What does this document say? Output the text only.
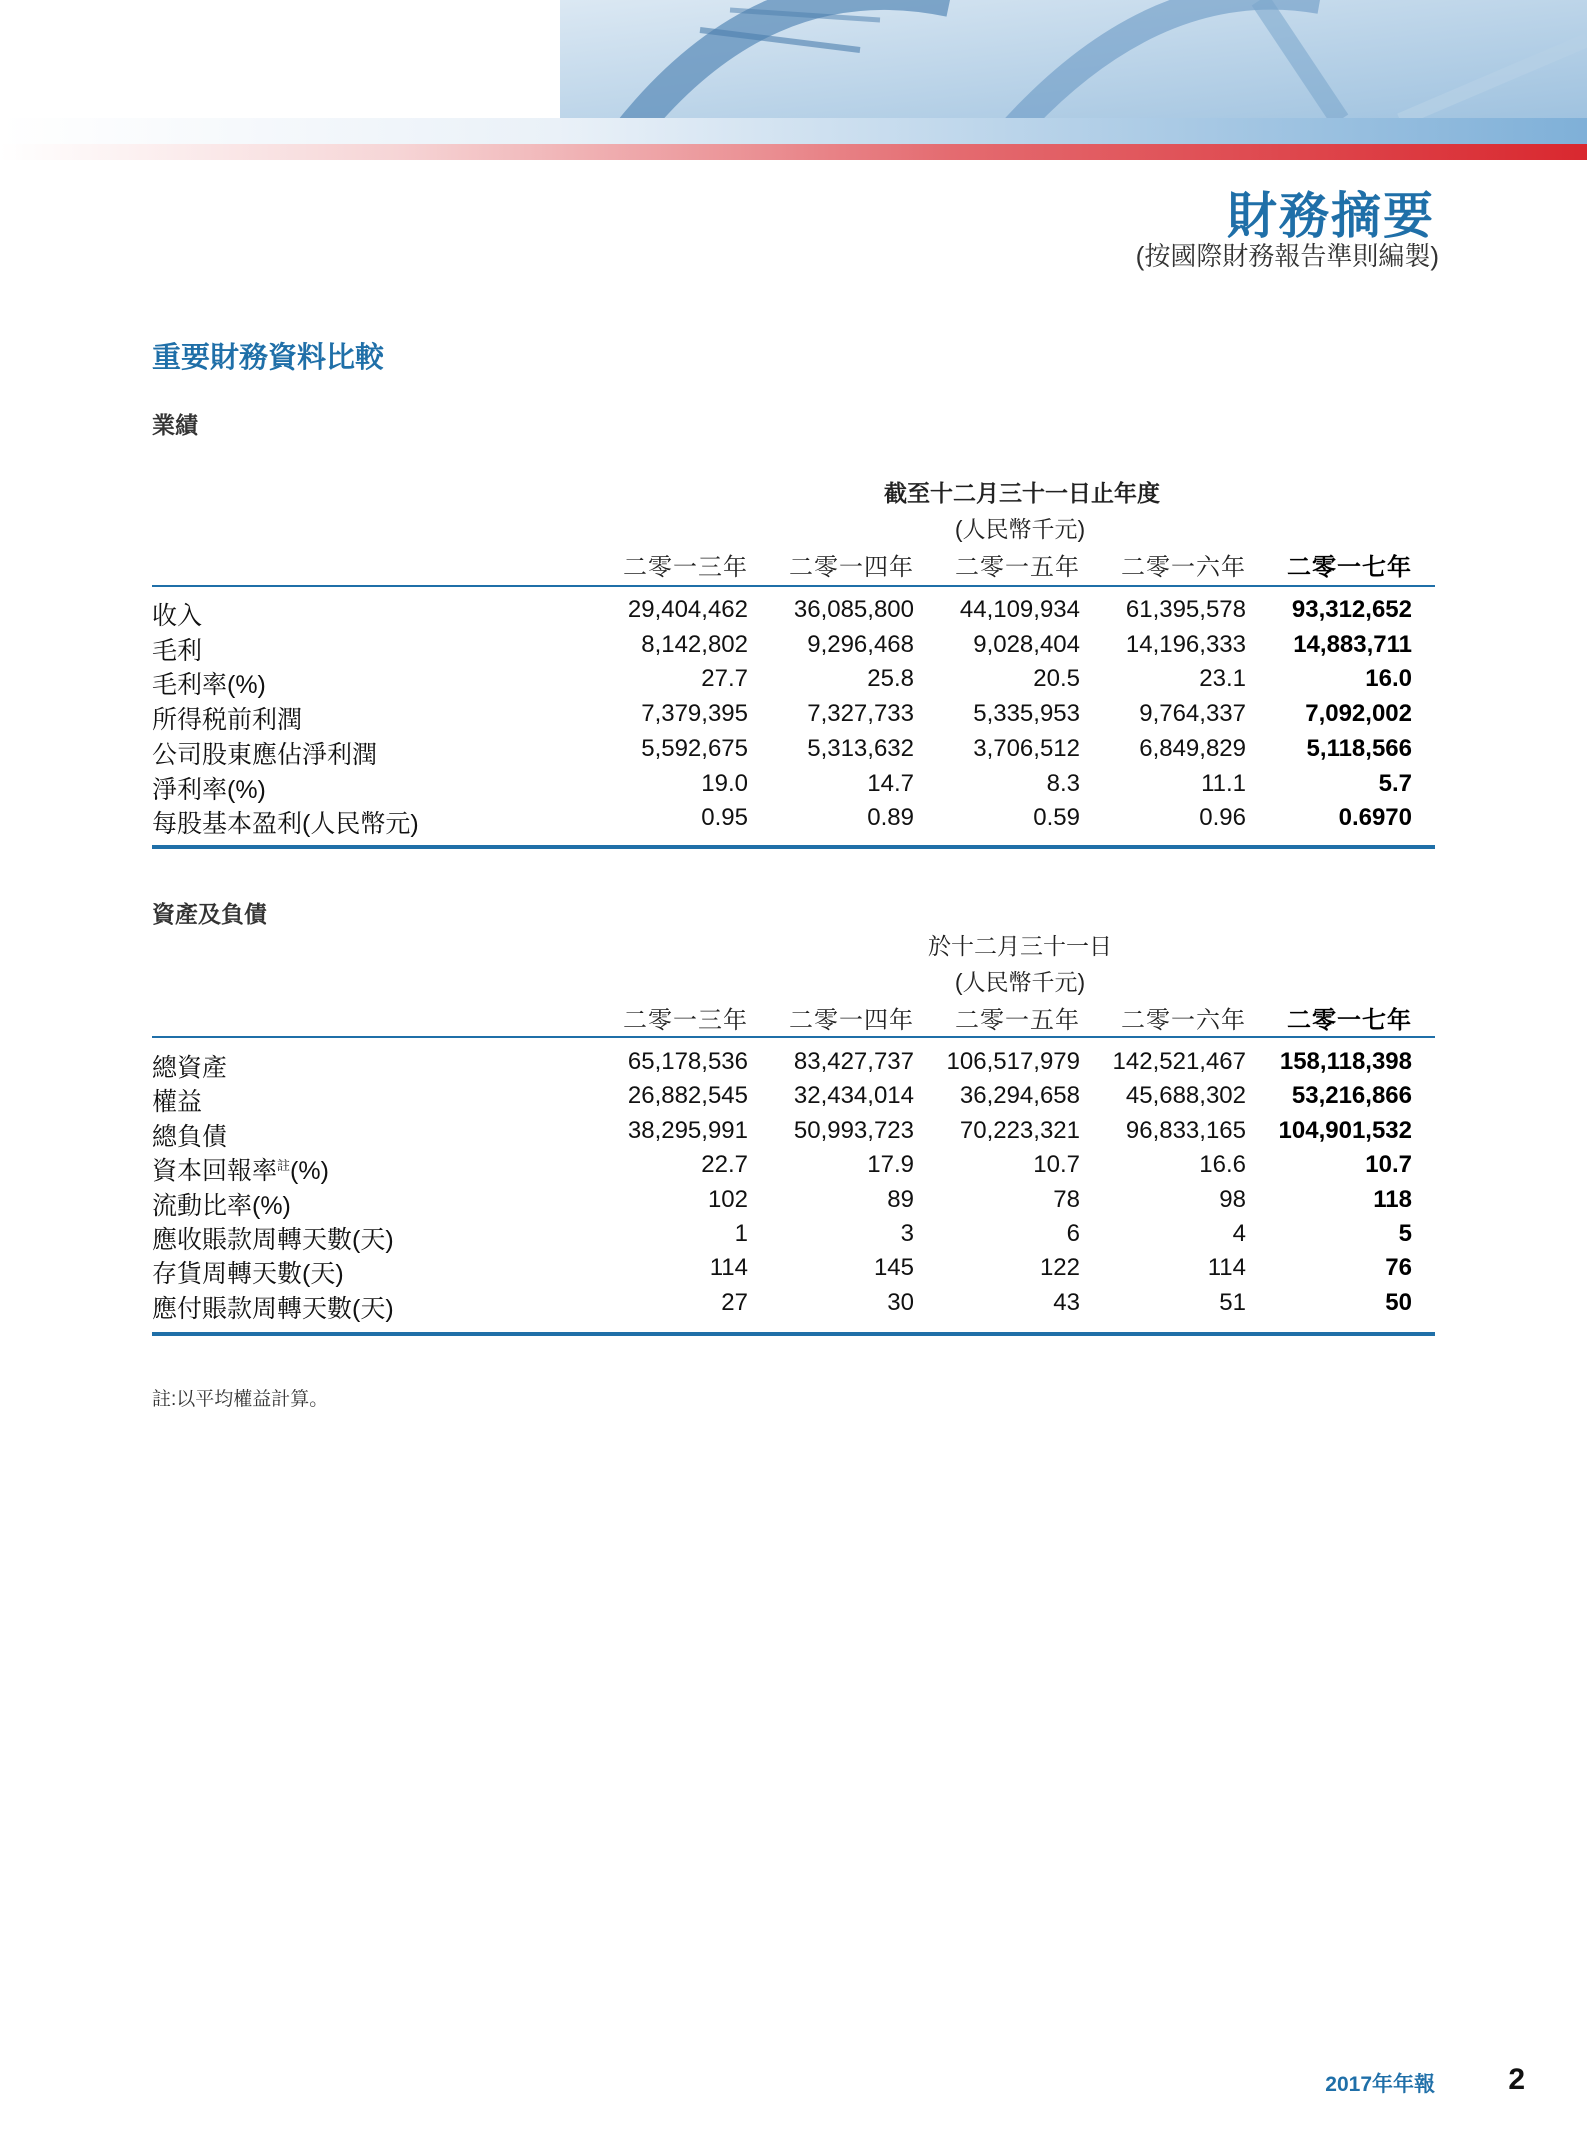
財務摘要
(按國際財務報告準則編製)
重要財務資料比較
業績
截至十二月三十一日止年度
(人民幣千元)
二零一三年	二零一四年	二零一五年	二零一六年	二零一七年
收入	29,404,462	36,085,800	44,109,934	61,395,578	93,312,652
毛利	8,142,802	9,296,468	9,028,404	14,196,333	14,883,711
毛利率(%)	27.7	25.8	20.5	23.1	16.0
所得税前利潤	7,379,395	7,327,733	5,335,953	9,764,337	7,092,002
公司股東應佔淨利潤	5,592,675	5,313,632	3,706,512	6,849,829	5,118,566
淨利率(%)	19.0	14.7	8.3	11.1	5.7
每股基本盈利(人民幣元)	0.95	0.89	0.59	0.96	0.6970
資產及負債
於十二月三十一日
(人民幣千元)
二零一三年	二零一四年	二零一五年	二零一六年	二零一七年
總資產	65,178,536	83,427,737	106,517,979	142,521,467	158,118,398
權益	26,882,545	32,434,014	36,294,658	45,688,302	53,216,866
總負債	38,295,991	50,993,723	70,223,321	96,833,165	104,901,532
資本回報率$^註$(%)	22.7	17.9	10.7	16.6	10.7
流動比率(%)	102	89	78	98	118
應收賬款周轉天數(天)	1	3	6	4	5
存貨周轉天數(天)	114	145	122	114	76
應付賬款周轉天數(天)	27	30	43	51	50
註:以平均權益計算。
2017年年報 2
